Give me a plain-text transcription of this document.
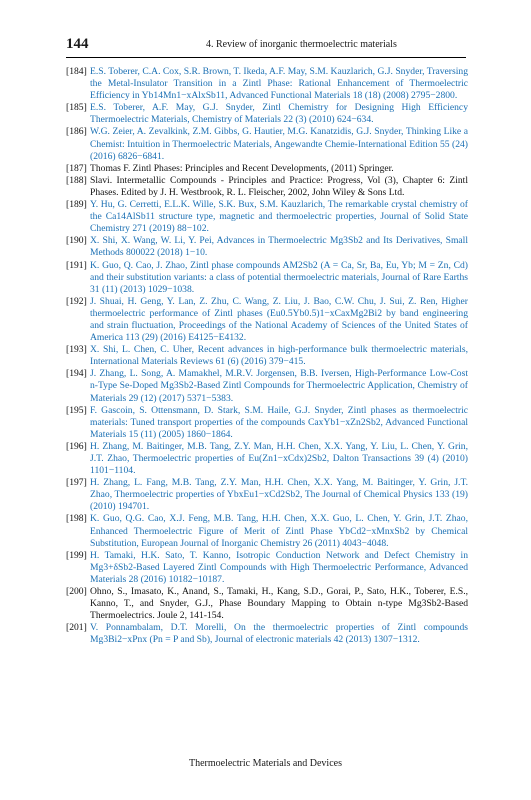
144	4. Review of inorganic thermoelectric materials
[184] E.S. Toberer, C.A. Cox, S.R. Brown, T. Ikeda, A.F. May, S.M. Kauzlarich, G.J. Snyder, Traversing the Metal-Insulator Transition in a Zintl Phase: Rational Enhancement of Thermoelectric Efficiency in Yb14Mn1−xAlxSb11, Advanced Functional Materials 18 (18) (2008) 2795−2800.
[185] E.S. Toberer, A.F. May, G.J. Snyder, Zintl Chemistry for Designing High Efficiency Thermoelectric Materials, Chemistry of Materials 22 (3) (2010) 624−634.
[186] W.G. Zeier, A. Zevalkink, Z.M. Gibbs, G. Hautier, M.G. Kanatzidis, G.J. Snyder, Thinking Like a Chemist: Intuition in Thermoelectric Materials, Angewandte Chemie-International Edition 55 (24) (2016) 6826−6841.
[187] Thomas F. Zintl Phases: Principles and Recent Developments, (2011) Springer.
[188] Slavi. Intermetallic Compounds - Principles and Practice: Progress, Vol (3), Chapter 6: Zintl Phases. Edited by J. H. Westbrook, R. L. Fleischer, 2002, John Wiley & Sons Ltd.
[189] Y. Hu, G. Cerretti, E.L.K. Wille, S.K. Bux, S.M. Kauzlarich, The remarkable crystal chemistry of the Ca14AlSb11 structure type, magnetic and thermoelectric properties, Journal of Solid State Chemistry 271 (2019) 88−102.
[190] X. Shi, X. Wang, W. Li, Y. Pei, Advances in Thermoelectric Mg3Sb2 and Its Derivatives, Small Methods 800022 (2018) 1−10.
[191] K. Guo, Q. Cao, J. Zhao, Zintl phase compounds AM2Sb2 (A = Ca, Sr, Ba, Eu, Yb; M = Zn, Cd) and their substitution variants: a class of potential thermoelectric materials, Journal of Rare Earths 31 (11) (2013) 1029−1038.
[192] J. Shuai, H. Geng, Y. Lan, Z. Zhu, C. Wang, Z. Liu, J. Bao, C.W. Chu, J. Sui, Z. Ren, Higher thermoelectric performance of Zintl phases (Eu0.5Yb0.5)1−xCaxMg2Bi2 by band engineering and strain fluctuation, Proceedings of the National Academy of Sciences of the United States of America 113 (29) (2016) E4125−E4132.
[193] X. Shi, L. Chen, C. Uher, Recent advances in high-performance bulk thermoelectric materials, International Materials Reviews 61 (6) (2016) 379−415.
[194] J. Zhang, L. Song, A. Mamakhel, M.R.V. Jorgensen, B.B. Iversen, High-Performance Low-Cost n-Type Se-Doped Mg3Sb2-Based Zintl Compounds for Thermoelectric Application, Chemistry of Materials 29 (12) (2017) 5371−5383.
[195] F. Gascoin, S. Ottensmann, D. Stark, S.M. Haile, G.J. Snyder, Zintl phases as thermoelectric materials: Tuned transport properties of the compounds CaxYb1−xZn2Sb2, Advanced Functional Materials 15 (11) (2005) 1860−1864.
[196] H. Zhang, M. Baitinger, M.B. Tang, Z.Y. Man, H.H. Chen, X.X. Yang, Y. Liu, L. Chen, Y. Grin, J.T. Zhao, Thermoelectric properties of Eu(Zn1−xCdx)2Sb2, Dalton Transactions 39 (4) (2010) 1101−1104.
[197] H. Zhang, L. Fang, M.B. Tang, Z.Y. Man, H.H. Chen, X.X. Yang, M. Baitinger, Y. Grin, J.T. Zhao, Thermoelectric properties of YbxEu1−xCd2Sb2, The Journal of Chemical Physics 133 (19) (2010) 194701.
[198] K. Guo, Q.G. Cao, X.J. Feng, M.B. Tang, H.H. Chen, X.X. Guo, L. Chen, Y. Grin, J.T. Zhao, Enhanced Thermoelectric Figure of Merit of Zintl Phase YbCd2−xMnxSb2 by Chemical Substitution, European Journal of Inorganic Chemistry 26 (2011) 4043−4048.
[199] H. Tamaki, H.K. Sato, T. Kanno, Isotropic Conduction Network and Defect Chemistry in Mg3+δSb2-Based Layered Zintl Compounds with High Thermoelectric Performance, Advanced Materials 28 (2016) 10182−10187.
[200] Ohno, S., Imasato, K., Anand, S., Tamaki, H., Kang, S.D., Gorai, P., Sato, H.K., Toberer, E.S., Kanno, T., and Snyder, G.J., Phase Boundary Mapping to Obtain n-type Mg3Sb2-Based Thermoelectrics. Joule 2, 141-154.
[201] V. Ponnambalam, D.T. Morelli, On the thermoelectric properties of Zintl compounds Mg3Bi2−xPnx (Pn = P and Sb), Journal of electronic materials 42 (2013) 1307−1312.
Thermoelectric Materials and Devices
